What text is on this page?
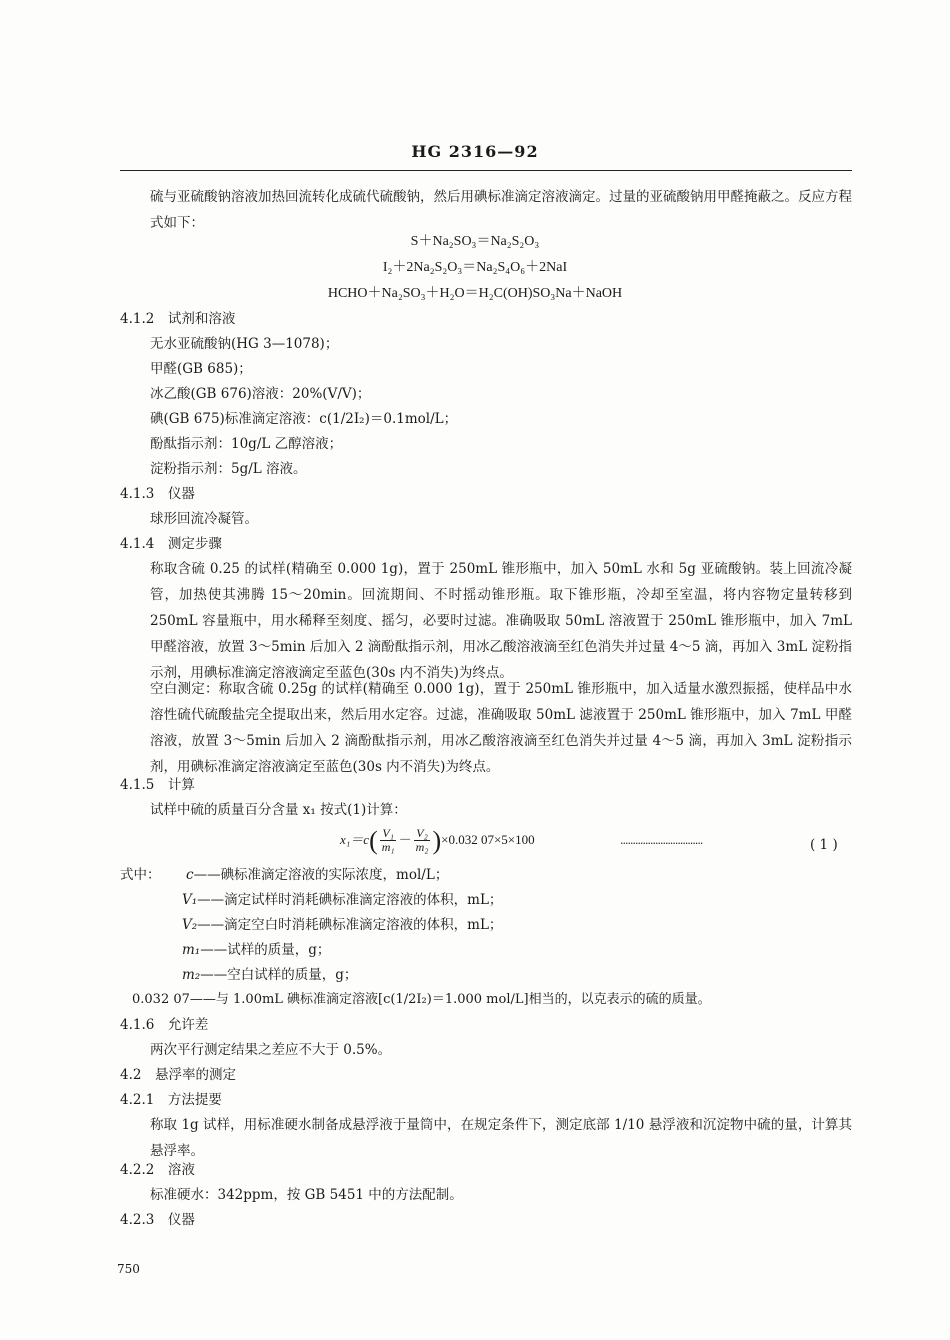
HG 2316—92
硫与亚硫酸钠溶液加热回流转化成硫代硫酸钠，然后用碘标准滴定溶液滴定。过量的亚硫酸钠用甲醛掩蔽之。反应方程式如下：
S＋Na₂SO₃＝Na₂S₂O₃
I₂＋2Na₂S₂O₃＝Na₂S₄O₆＋2NaI
HCHO＋Na₂SO₃＋H₂O＝H₂C(OH)SO₃Na＋NaOH
4.1.2　试剂和溶液
无水亚硫酸钠(HG 3—1078)；
甲醛(GB 685)；
冰乙酸(GB 676)溶液：20%(V/V)；
碘(GB 675)标准滴定溶液：c(1/2I₂)＝0.1mol/L；
酚酞指示剂：10g/L 乙醇溶液；
淀粉指示剂：5g/L 溶液。
4.1.3　仪器
球形回流冷凝管。
4.1.4　测定步骤
称取含硫 0.25 的试样(精确至 0.000 1g)，置于 250mL 锥形瓶中，加入 50mL 水和 5g 亚硫酸钠。装上回流冷凝管，加热使其沸腾 15～20min。回流期间、不时摇动锥形瓶。取下锥形瓶，冷却至室温，将内容物定量转移到 250mL 容量瓶中，用水稀释至刻度、摇匀，必要时过滤。准确吸取 50mL 溶液置于 250mL 锥形瓶中，加入 7mL 甲醛溶液，放置 3～5min 后加入 2 滴酚酞指示剂，用冰乙酸溶液滴至红色消失并过量 4～5 滴，再加入 3mL 淀粉指示剂，用碘标准滴定溶液滴定至蓝色(30s 内不消失)为终点。
空白测定：称取含硫 0.25g 的试样(精确至 0.000 1g)，置于 250mL 锥形瓶中，加入适量水激烈振摇，使样品中水溶性硫代硫酸盐完全提取出来，然后用水定容。过滤，准确吸取 50mL 滤液置于 250mL 锥形瓶中，加入 7mL 甲醛溶液，放置 3～5min 后加入 2 滴酚酞指示剂，用冰乙酸溶液滴至红色消失并过量 4～5 滴，再加入 3mL 淀粉指示剂，用碘标准滴定溶液滴定至蓝色(30s 内不消失)为终点。
4.1.5　计算
试样中硫的质量百分含量 x₁ 按式(1)计算：
$x_1=c( \frac{\text{V₁}}{\text{m₁}} - \frac{\text{V₂}}{\text{m₂}} )\times 0.032$ 07×5×100	·································	( 1 )
式中： c——碘标准滴定溶液的实际浓度，mol/L；
V₁——滴定试样时消耗碘标准滴定溶液的体积，mL；
V₂——滴定空白时消耗碘标准滴定溶液的体积，mL；
m₁——试样的质量，g；
m₂——空白试样的质量，g；
0.032 07——与 1.00mL 碘标准滴定溶液[c(1/2I₂)＝1.000 mol/L]相当的，以克表示的硫的质量。
4.1.6　允许差
两次平行测定结果之差应不大于 0.5%。
4.2　悬浮率的测定
4.2.1　方法提要
称取 1g 试样，用标准硬水制备成悬浮液于量筒中，在规定条件下，测定底部 1/10 悬浮液和沉淀物中硫的量，计算其悬浮率。
4.2.2　溶液
标准硬水：342ppm，按 GB 5451 中的方法配制。
4.2.3　仪器
750
